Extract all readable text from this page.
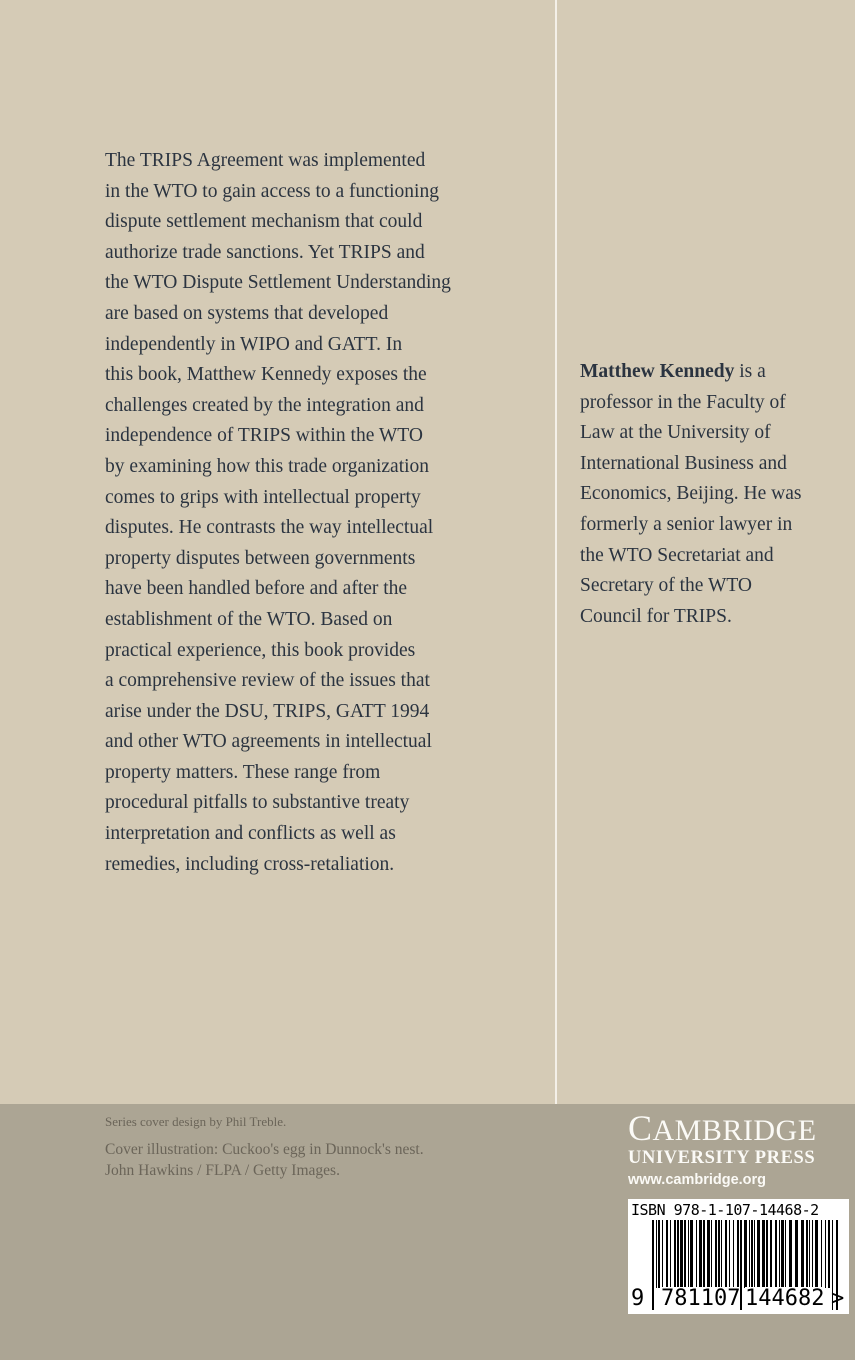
The TRIPS Agreement was implemented
in the WTO to gain access to a functioning
dispute settlement mechanism that could
authorize trade sanctions. Yet TRIPS and
the WTO Dispute Settlement Understanding
are based on systems that developed
independently in WIPO and GATT. In
this book, Matthew Kennedy exposes the
challenges created by the integration and
independence of TRIPS within the WTO
by examining how this trade organization
comes to grips with intellectual property
disputes. He contrasts the way intellectual
property disputes between governments
have been handled before and after the
establishment of the WTO. Based on
practical experience, this book provides
a comprehensive review of the issues that
arise under the DSU, TRIPS, GATT 1994
and other WTO agreements in intellectual
property matters. These range from
procedural pitfalls to substantive treaty
interpretation and conflicts as well as
remedies, including cross-retaliation.
Matthew Kennedy is a
professor in the Faculty of
Law at the University of
International Business and
Economics, Beijing. He was
formerly a senior lawyer in
the WTO Secretariat and
Secretary of the WTO
Council for TRIPS.
Series cover design by Phil Treble.
Cover illustration: Cuckoo's egg in Dunnock's nest.
John Hawkins / FLPA / Getty Images.
CAMBRIDGE
UNIVERSITY PRESS
www.cambridge.org
ISBN 978-1-107-14468-2
9 781107 144682 >
